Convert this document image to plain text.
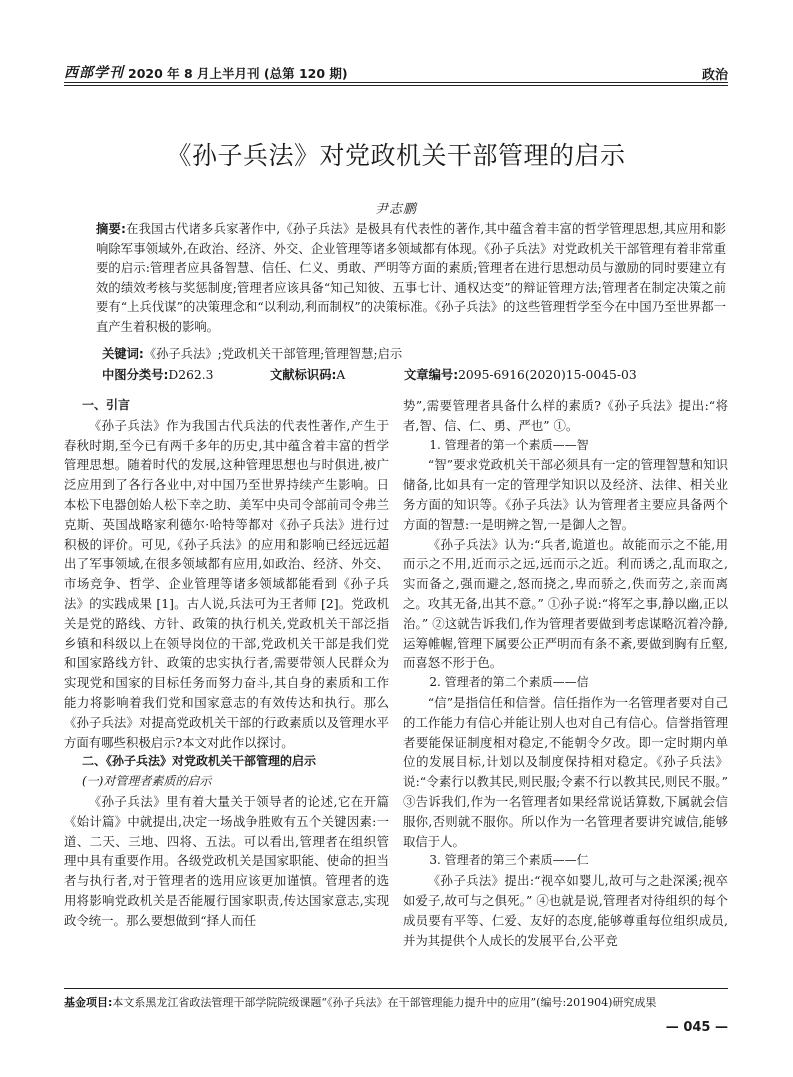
西部学刊 2020 年 8 月上半月刊 (总第 120 期)	政治
《孙子兵法》对党政机关干部管理的启示
尹志鹏
摘要:在我国古代诸多兵家著作中,《孙子兵法》是极具有代表性的著作,其中蕴含着丰富的哲学管理思想,其应用和影响除军事领域外,在政治、经济、外交、企业管理等诸多领域都有体现。《孙子兵法》对党政机关干部管理有着非常重要的启示:管理者应具备智慧、信任、仁义、勇敢、严明等方面的素质;管理者在进行思想动员与激励的同时要建立有效的绩效考核与奖惩制度;管理者应该具备“知己知彼、五事七计、通权达变”的辩证管理方法;管理者在制定决策之前要有“上兵伐谋”的决策理念和“以利动,利而制权”的决策标准。《孙子兵法》的这些管理哲学至今在中国乃至世界都一直产生着积极的影响。
关键词:《孙子兵法》;党政机关干部管理;管理智慧;启示
中图分类号:D262.3	文献标识码:A	文章编号:2095-6916(2020)15-0045-03
一、引言

《孙子兵法》作为我国古代兵法的代表性著作,产生于春秋时期,至今已有两千多年的历史,其中蕴含着丰富的哲学管理思想。随着时代的发展,这种管理思想也与时俱进,被广泛应用到了各行各业中,对中国乃至世界持续产生影响。日本松下电器创始人松下幸之助、美军中央司令部前司令弗兰克斯、英国战略家利德尔·哈特等都对《孙子兵法》进行过积极的评价。可见,《孙子兵法》的应用和影响已经远远超出了军事领域,在很多领域都有应用,如政治、经济、外交、市场竞争、哲学、企业管理等诸多领域都能看到《孙子兵法》的实践成果 [1]。古人说,兵法可为王者师 [2]。党政机关是党的路线、方针、政策的执行机关,党政机关干部泛指乡镇和科级以上在领导岗位的干部,党政机关干部是我们党和国家路线方针、政策的忠实执行者,需要带领人民群众为实现党和国家的目标任务而努力奋斗,其自身的素质和工作能力将影响着我们党和国家意志的有效传达和执行。那么《孙子兵法》对提高党政机关干部的行政素质以及管理水平方面有哪些积极启示?本文对此作以探讨。

二、《孙子兵法》对党政机关干部管理的启示
(一)对管理者素质的启示

《孙子兵法》里有着大量关于领导者的论述,它在开篇《始计篇》中就提出,决定一场战争胜败有五个关键因素:一道、二天、三地、四将、五法。可以看出,管理者在组织管理中具有重要作用。各级党政机关是国家职能、使命的担当者与执行者,对于管理者的选用应该更加谨慎。管理者的选用将影响党政机关是否能履行国家职责,传达国家意志,实现政令统一。那么要想做到“择人而任

势”,需要管理者具备什么样的素质?《孙子兵法》提出:“将者,智、信、仁、勇、严也” ①。

1. 管理者的第一个素质——智

“智”要求党政机关干部必须具有一定的管理智慧和知识储备,比如具有一定的管理学知识以及经济、法律、相关业务方面的知识等。《孙子兵法》认为管理者主要应具备两个方面的智慧:一是明辨之智,一是御人之智。

《孙子兵法》认为:“兵者,诡道也。故能而示之不能,用而示之不用,近而示之远,远而示之近。利而诱之,乱而取之,实而备之,强而避之,怒而挠之,卑而骄之,佚而劳之,亲而离之。攻其无备,出其不意。” ①孙子说:“将军之事,静以幽,正以治。” ②这就告诉我们,作为管理者要做到考虑谋略沉着冷静,运筹帷幄,管理下属要公正严明而有条不紊,要做到胸有丘壑,而喜怒不形于色。

2. 管理者的第二个素质——信

“信”是指信任和信誉。信任指作为一名管理者要对自己的工作能力有信心并能让别人也对自己有信心。信誉指管理者要能保证制度相对稳定,不能朝令夕改。即一定时期内单位的发展目标,计划以及制度保持相对稳定。《孙子兵法》说:“令素行以教其民,则民服;令素不行以教其民,则民不服。” ③告诉我们,作为一名管理者如果经常说话算数,下属就会信服你,否则就不服你。所以作为一名管理者要讲究诚信,能够取信于人。

3. 管理者的第三个素质——仁

《孙子兵法》提出:“视卒如婴儿,故可与之赴深溪;视卒如爱子,故可与之俱死。” ④也就是说,管理者对待组织的每个成员要有平等、仁爱、友好的态度,能够尊重每位组织成员,并为其提供个人成长的发展平台,公平竞

基金项目:本文系黑龙江省政法管理干部学院院级课题“《孙子兵法》在干部管理能力提升中的应用”(编号:201904)研究成果
— 045 —
